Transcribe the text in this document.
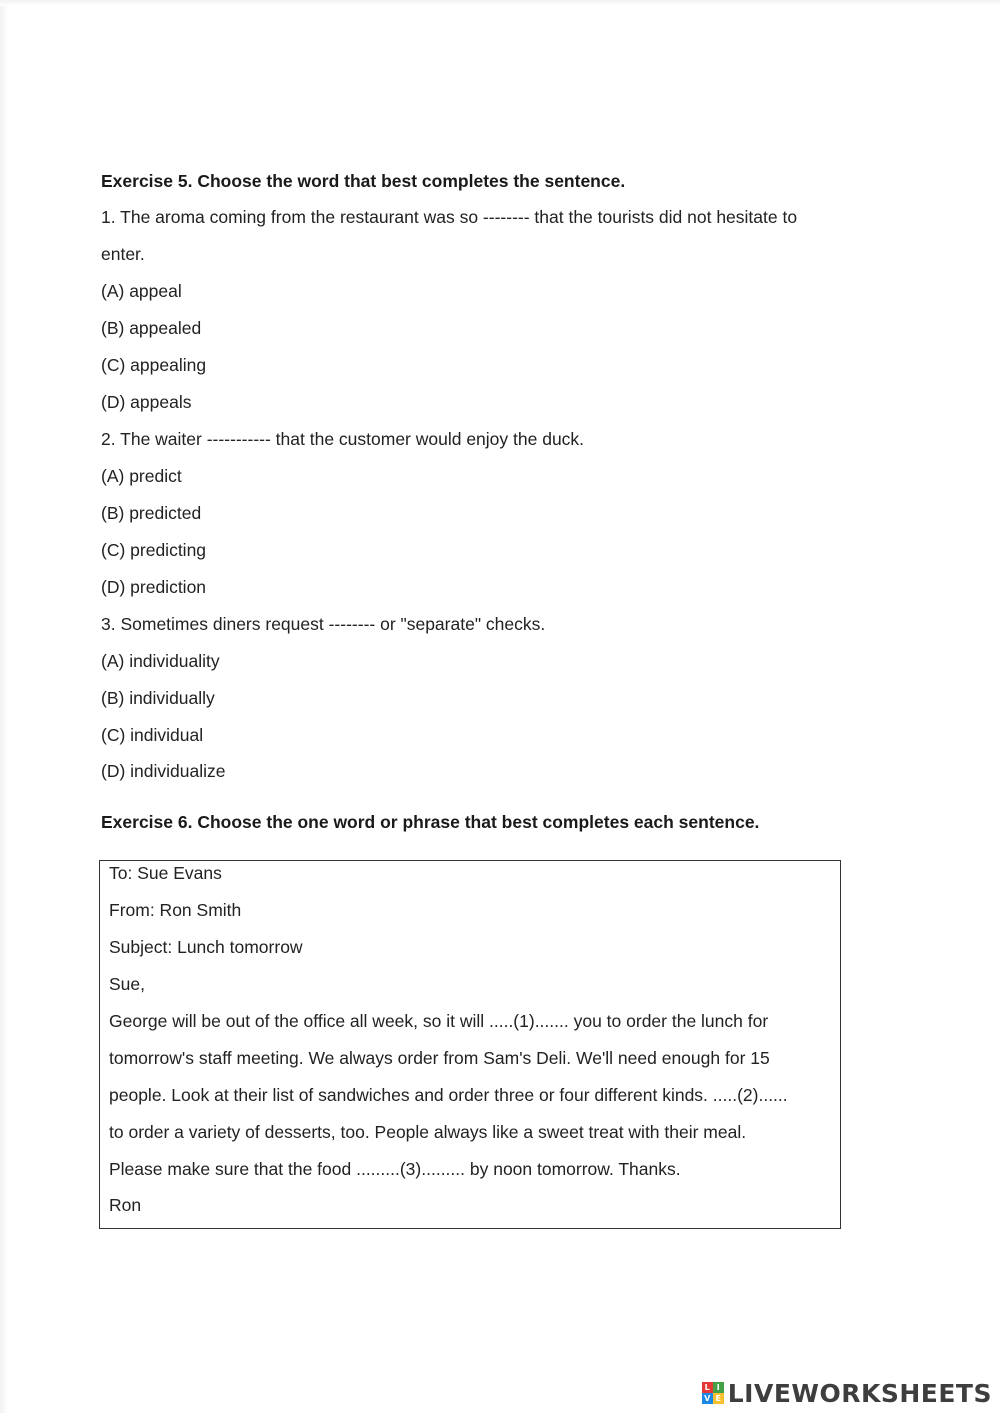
Exercise 5. Choose the word that best completes the sentence.
1. The aroma coming from the restaurant was so -------- that the tourists did not hesitate to
enter.
(A) appeal
(B) appealed
(C) appealing
(D) appeals
2. The waiter ----------- that the customer would enjoy the duck.
(A) predict
(B) predicted
(C) predicting
(D) prediction
3. Sometimes diners request -------- or "separate" checks.
(A) individuality
(B) individually
(C) individual
(D) individualize
Exercise 6. Choose the one word or phrase that best completes each sentence.
To: Sue Evans
From: Ron Smith
Subject: Lunch tomorrow
Sue,
George will be out of the office all week, so it will .....(1)....... you to order the lunch for
tomorrow's staff meeting. We always order from Sam's Deli. We'll need enough for 15
people. Look at their list of sandwiches and order three or four different kinds. .....(2)......
to order a variety of desserts, too. People always like a sweet treat with their meal.
Please make sure that the food .........(3)......... by noon tomorrow. Thanks.
Ron
L I
V E LIVEWORKSHEETS
